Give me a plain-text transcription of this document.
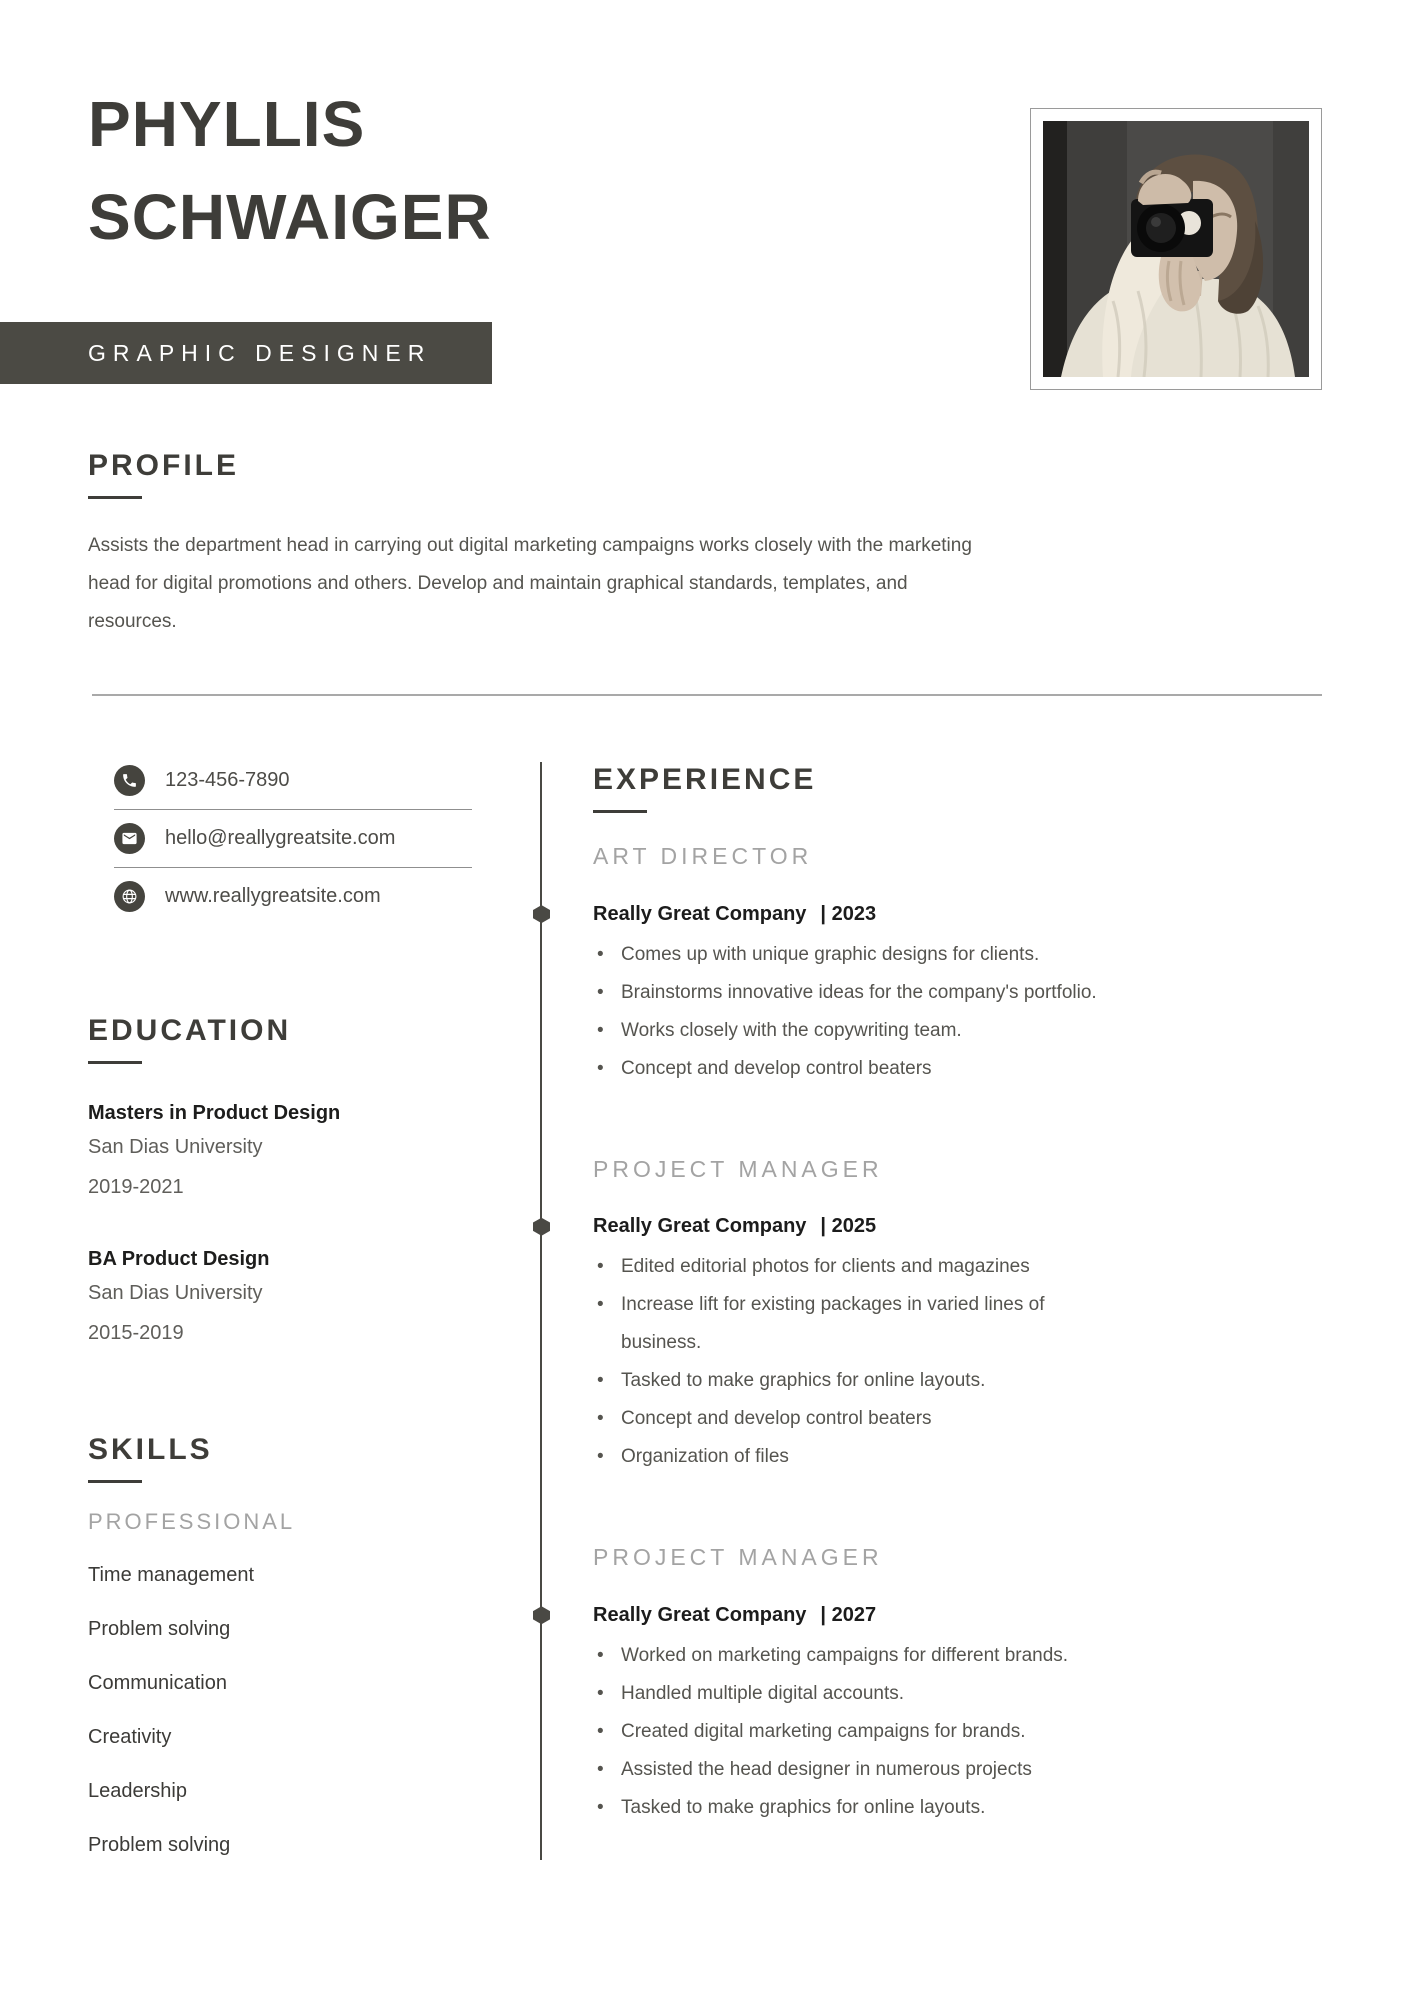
PHYLLIS
SCHWAIGER
GRAPHIC DESIGNER
PROFILE

Assists the department head in carrying out digital marketing campaigns works closely with the marketing head for digital promotions and others. Develop and maintain graphical standards, templates, and resources.

123-456-7890
hello@reallygreatsite.com
www.reallygreatsite.com
EDUCATION
Masters in Product Design
San Dias University
2019-2021
BA Product Design
San Dias University
2015-2019
SKILLS
PROFESSIONAL
Time management
Problem solving
Communication
Creativity
Leadership
Problem solving
EXPERIENCE
ART DIRECTOR
Really Great Company | 2023
• Comes up with unique graphic designs for clients.
• Brainstorms innovative ideas for the company's portfolio.
• Works closely with the copywriting team.
• Concept and develop control beaters
PROJECT MANAGER
Really Great Company | 2025
• Edited editorial photos for clients and magazines
• Increase lift for existing packages in varied lines of business.
• Tasked to make graphics for online layouts.
• Concept and develop control beaters
• Organization of files
PROJECT MANAGER
Really Great Company | 2027
• Worked on marketing campaigns for different brands.
• Handled multiple digital accounts.
• Created digital marketing campaigns for brands.
• Assisted the head designer in numerous projects
• Tasked to make graphics for online layouts.
